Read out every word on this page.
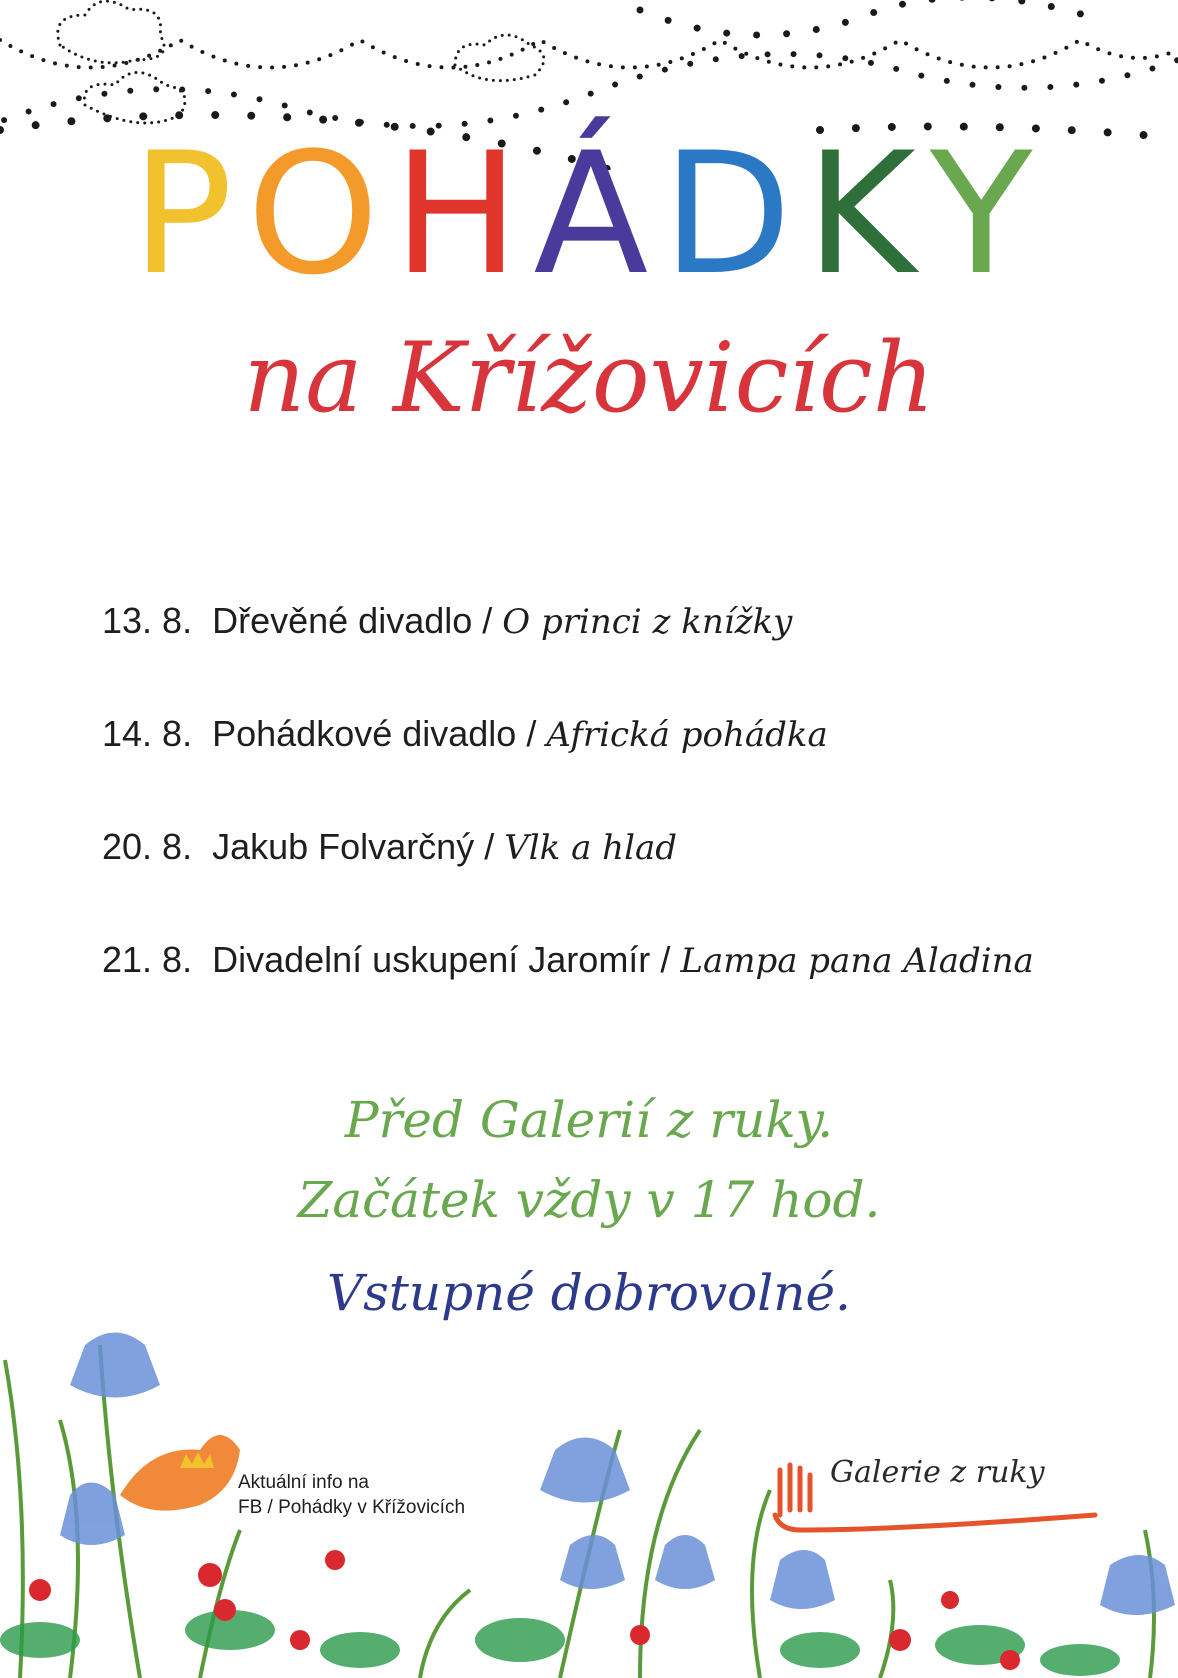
POHÁDKY
na Křížovicích
13. 8. Dřevěné divadlo / O princi z knížky
14. 8. Pohádkové divadlo / Africká pohádka
20. 8. Jakub Folvarčný / Vlk a hlad
21. 8. Divadelní uskupení Jaromír / Lampa pana Aladina
Před Galerií z ruky.
Začátek vždy v 17 hod.
Vstupné dobrovolné.
Aktuální info na
FB / Pohádky v Křížovicích
Galerie z ruky
